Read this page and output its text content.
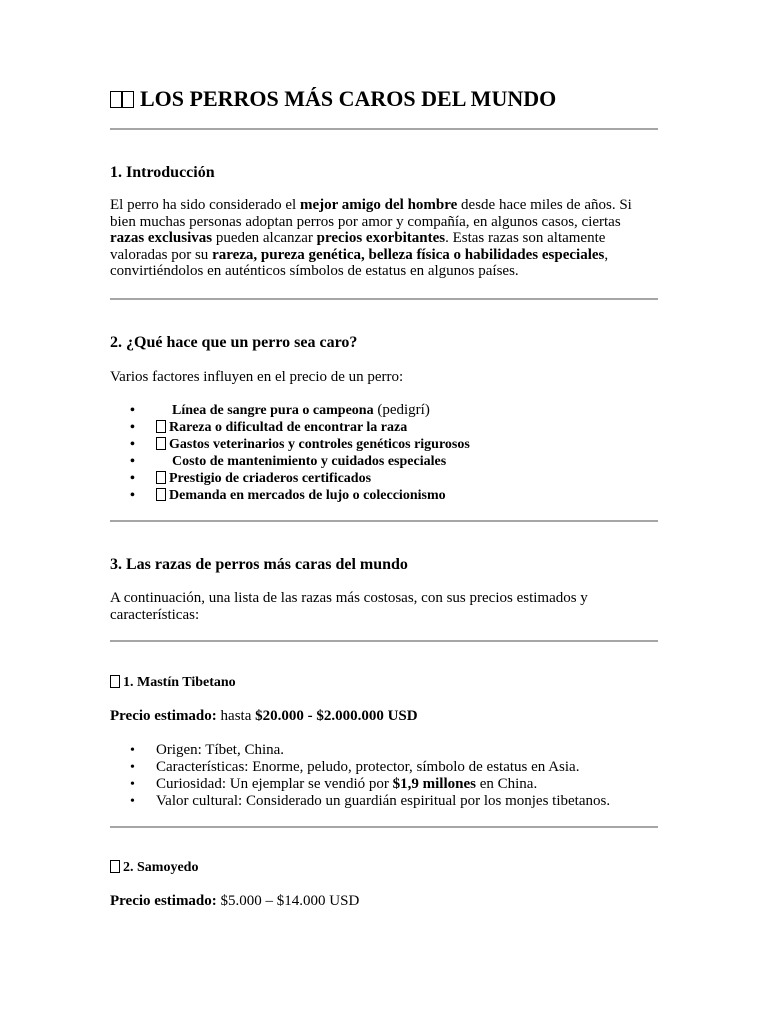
LOS PERROS MÁS CAROS DEL MUNDO
1. Introducción
El perro ha sido considerado el mejor amigo del hombre desde hace miles de años. Si bien muchas personas adoptan perros por amor y compañía, en algunos casos, ciertas razas exclusivas pueden alcanzar precios exorbitantes. Estas razas son altamente valoradas por su rareza, pureza genética, belleza física o habilidades especiales, convirtiéndolos en auténticos símbolos de estatus en algunos países.
2. ¿Qué hace que un perro sea caro?
Varios factores influyen en el precio de un perro:
• Línea de sangre pura o campeona (pedigrí)
• Rareza o dificultad de encontrar la raza
• Gastos veterinarios y controles genéticos rigurosos
• Costo de mantenimiento y cuidados especiales
• Prestigio de criaderos certificados
• Demanda en mercados de lujo o coleccionismo
3. Las razas de perros más caras del mundo
A continuación, una lista de las razas más costosas, con sus precios estimados y características:
1. Mastín Tibetano
Precio estimado: hasta $20.000 - $2.000.000 USD
• Origen: Tíbet, China.
• Características: Enorme, peludo, protector, símbolo de estatus en Asia.
• Curiosidad: Un ejemplar se vendió por $1,9 millones en China.
• Valor cultural: Considerado un guardián espiritual por los monjes tibetanos.
2. Samoyedo
Precio estimado: $5.000 – $14.000 USD
